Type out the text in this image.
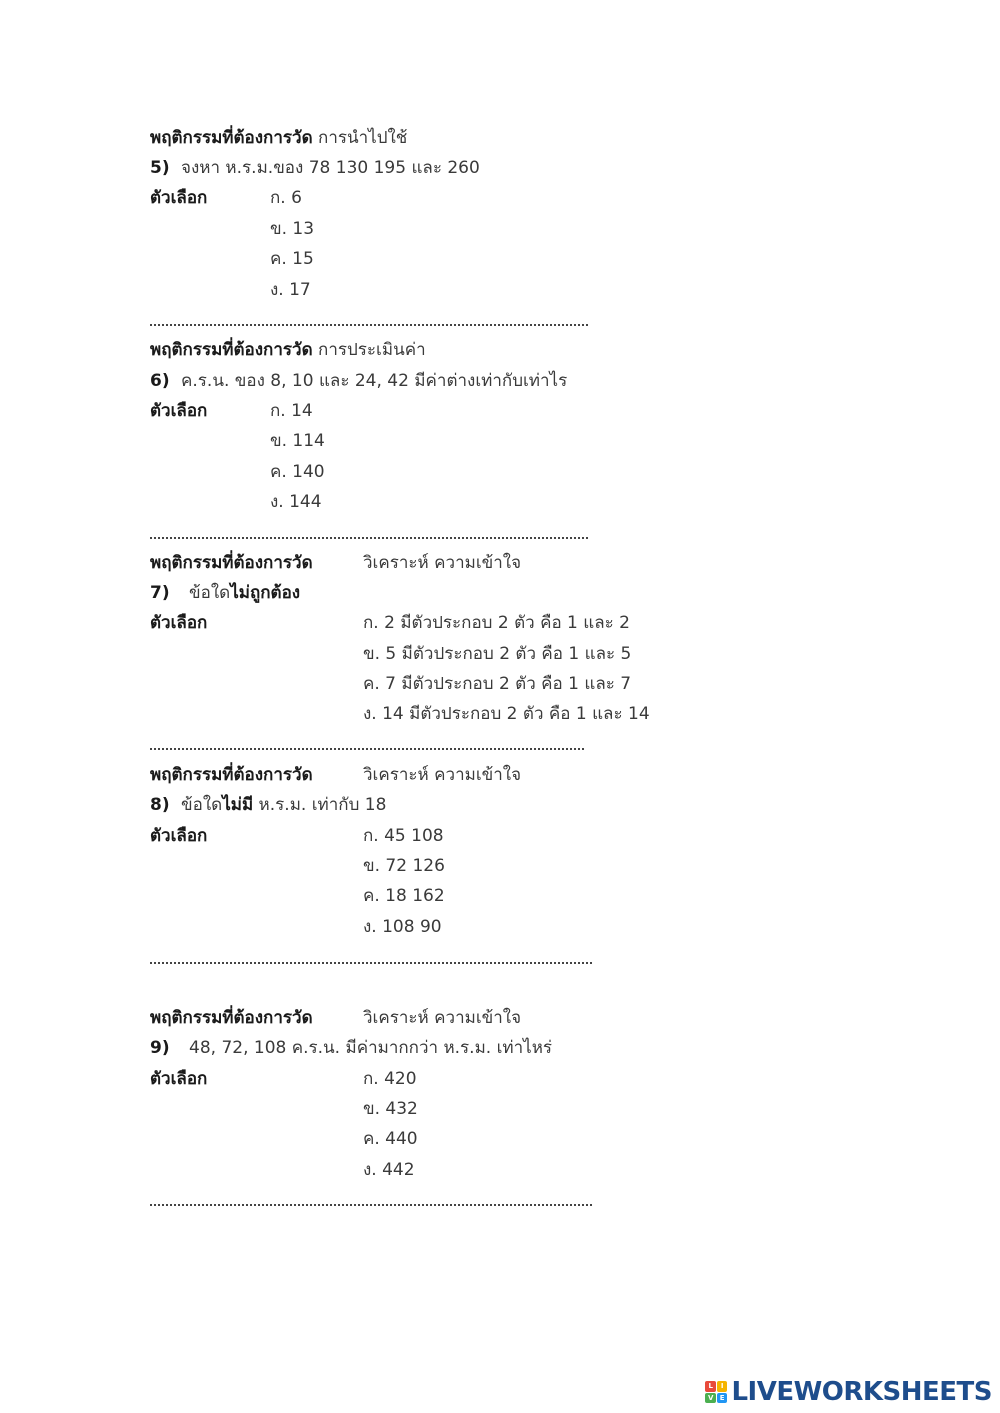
พฤติกรรมที่ต้องการวัด การนำไปใช้
5) จงหา ห.ร.ม.ของ 78 130 195 และ 260
ตัวเลือก	ก. 6
ข. 13
ค. 15
ง. 17
พฤติกรรมที่ต้องการวัด การประเมินค่า
6) ค.ร.น. ของ 8, 10 และ 24, 42 มีค่าต่างเท่ากับเท่าไร
ตัวเลือก	ก. 14
ข. 114
ค. 140
ง. 144
พฤติกรรมที่ต้องการวัด	วิเคราะห์ ความเข้าใจ
7) ข้อใดไม่ถูกต้อง
ตัวเลือก	ก. 2 มีตัวประกอบ 2 ตัว คือ 1 และ 2
ข. 5 มีตัวประกอบ 2 ตัว คือ 1 และ 5
ค. 7 มีตัวประกอบ 2 ตัว คือ 1 และ 7
ง. 14 มีตัวประกอบ 2 ตัว คือ 1 และ 14
พฤติกรรมที่ต้องการวัด	วิเคราะห์ ความเข้าใจ
8) ข้อใดไม่มี ห.ร.ม. เท่ากับ 18
ตัวเลือก	ก. 45 108
ข. 72 126
ค. 18 162
ง. 108 90
พฤติกรรมที่ต้องการวัด	วิเคราะห์ ความเข้าใจ
9) 48, 72, 108 ค.ร.น. มีค่ามากกว่า ห.ร.ม. เท่าไหร่
ตัวเลือก	ก. 420
ข. 432
ค. 440
ง. 442
L	I
V E LIVEWORKSHEETS
